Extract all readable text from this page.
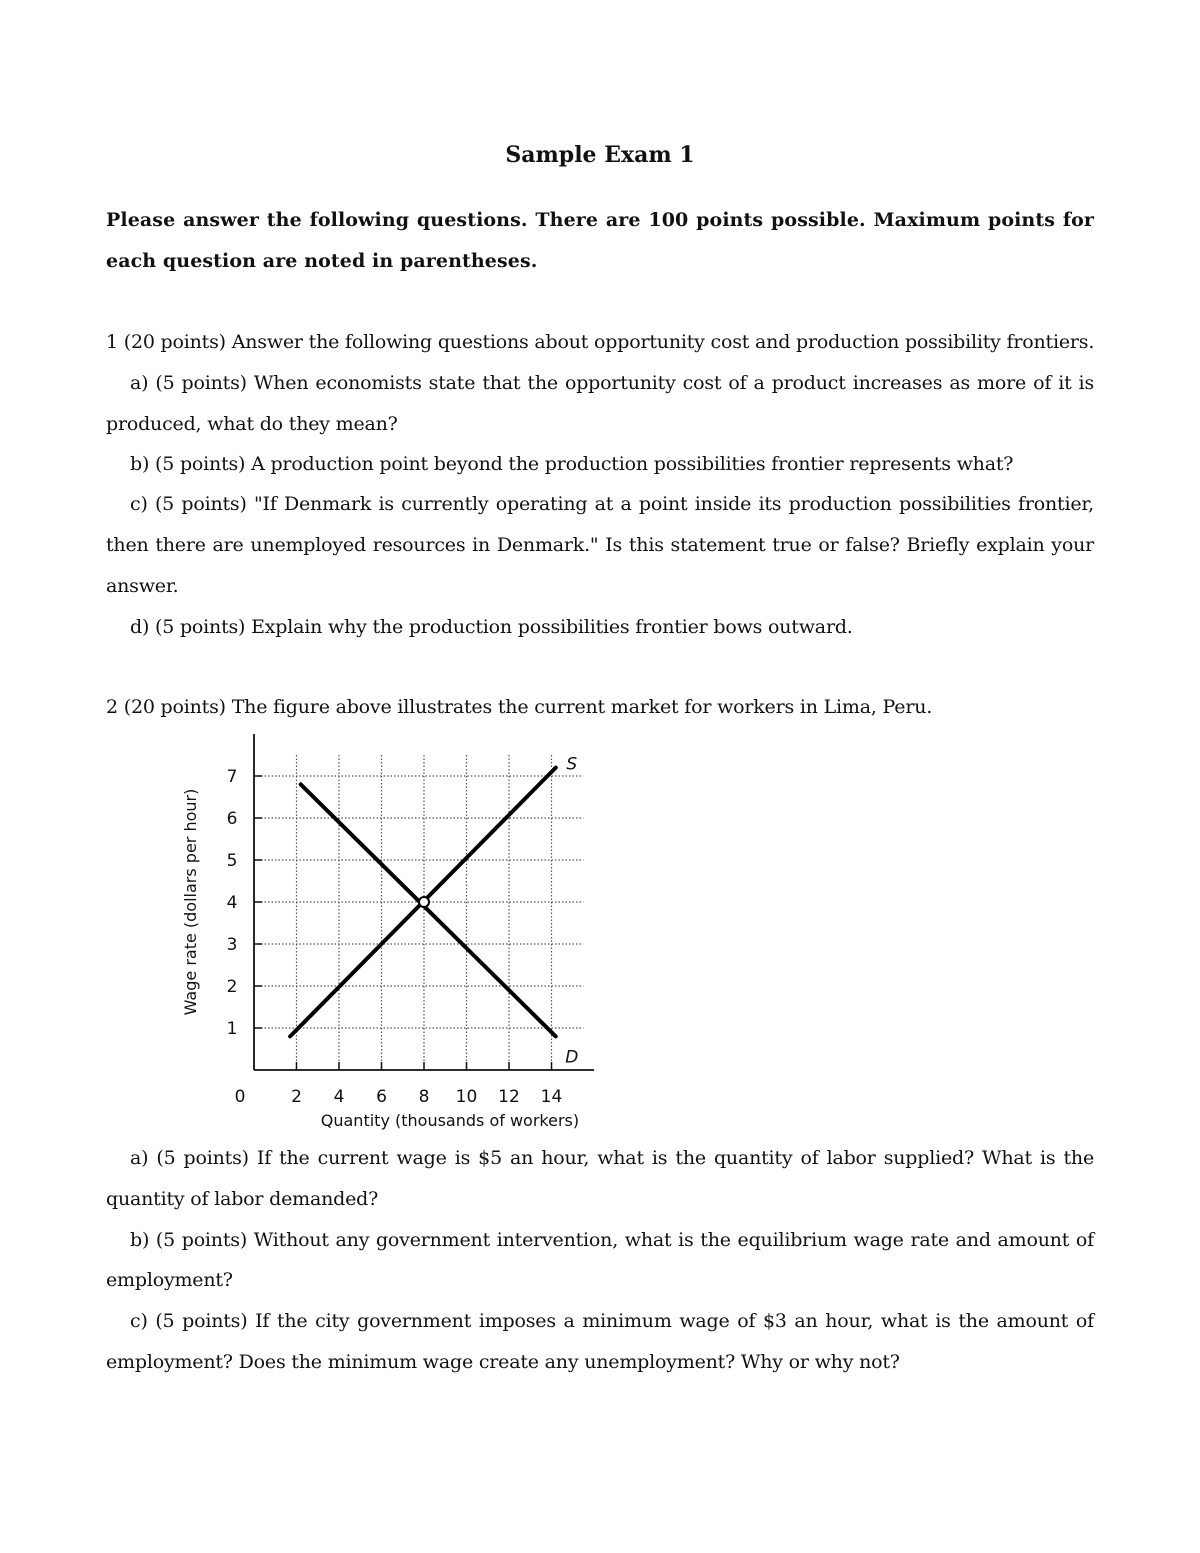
Sample Exam 1
Please answer the following questions. There are 100 points possible. Maximum points for each question are noted in parentheses.
1 (20 points) Answer the following questions about opportunity cost and production possibility frontiers.
a) (5 points) When economists state that the opportunity cost of a product increases as more of it is
produced, what do they mean?
b) (5 points) A production point beyond the production possibilities frontier represents what?
c) (5 points) "If Denmark is currently operating at a point inside its production possibilities frontier,
then there are unemployed resources in Denmark." Is this statement true or false? Briefly explain your
answer.
d) (5 points) Explain why the production possibilities frontier bows outward.
2 (20 points) The figure above illustrates the current market for workers in Lima, Peru.
Wage rate (dollars per hour)
Quantity (thousands of workers)
0
1
2
3
4
5
6
7
2 4 6 8 10 12 14
S
D
a) (5 points) If the current wage is $5 an hour, what is the quantity of labor supplied? What is the
quantity of labor demanded?
b) (5 points) Without any government intervention, what is the equilibrium wage rate and amount of
employment?
c) (5 points) If the city government imposes a minimum wage of $3 an hour, what is the amount of
employment? Does the minimum wage create any unemployment? Why or why not?
